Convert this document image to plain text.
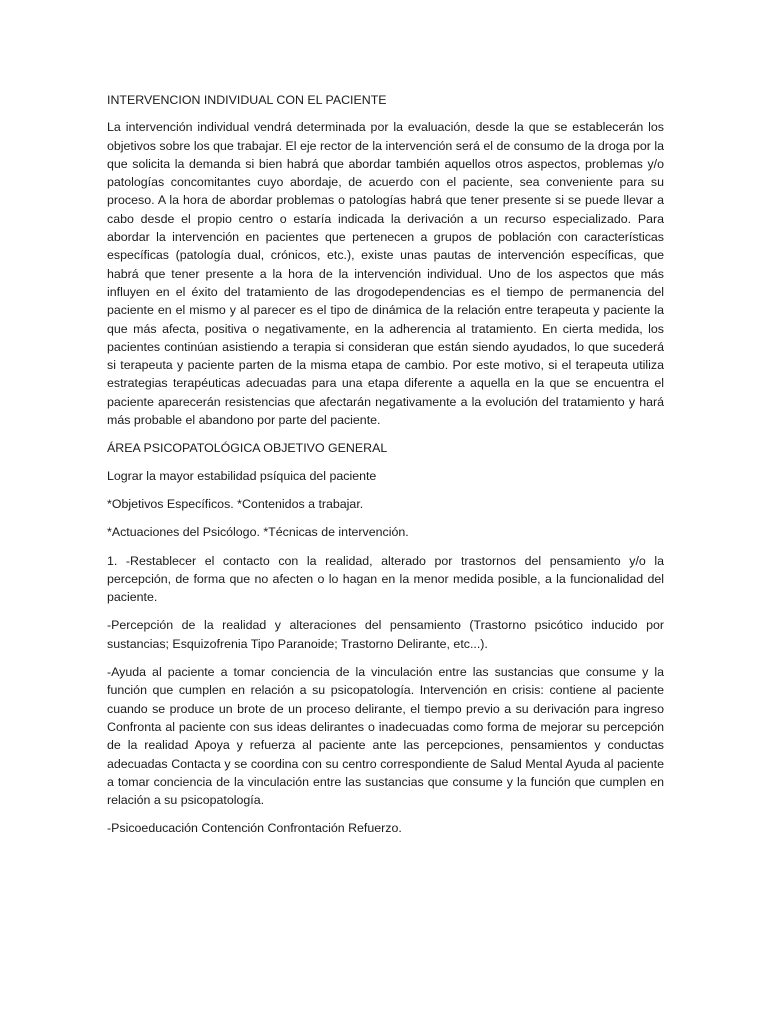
INTERVENCION INDIVIDUAL CON EL PACIENTE

La intervención individual vendrá determinada por la evaluación, desde la que se establecerán los objetivos sobre los que trabajar. El eje rector de la intervención será el de consumo de la droga por la que solicita la demanda si bien habrá que abordar también aquellos otros aspectos, problemas y/o patologías concomitantes cuyo abordaje, de acuerdo con el paciente, sea conveniente para su proceso. A la hora de abordar problemas o patologías habrá que tener presente si se puede llevar a cabo desde el propio centro o estaría indicada la derivación a un recurso especializado. Para abordar la intervención en pacientes que pertenecen a grupos de población con características específicas (patología dual, crónicos, etc.), existe unas pautas de intervención específicas, que habrá que tener presente a la hora de la intervención individual. Uno de los aspectos que más influyen en el éxito del tratamiento de las drogodependencias es el tiempo de permanencia del paciente en el mismo y al parecer es el tipo de dinámica de la relación entre terapeuta y paciente la que más afecta, positiva o negativamente, en la adherencia al tratamiento. En cierta medida, los pacientes continúan asistiendo a terapia si consideran que están siendo ayudados, lo que sucederá si terapeuta y paciente parten de la misma etapa de cambio. Por este motivo, si el terapeuta utiliza estrategias terapéuticas adecuadas para una etapa diferente a aquella en la que se encuentra el paciente aparecerán resistencias que afectarán negativamente a la evolución del tratamiento y hará más probable el abandono por parte del paciente.

ÁREA PSICOPATOLÓGICA OBJETIVO GENERAL

Lograr la mayor estabilidad psíquica del paciente

*Objetivos Específicos. *Contenidos a trabajar.

*Actuaciones del Psicólogo. *Técnicas de intervención.

1. -Restablecer el contacto con la realidad, alterado por trastornos del pensamiento y/o la percepción, de forma que no afecten o lo hagan en la menor medida posible, a la funcionalidad del paciente.

-Percepción de la realidad y alteraciones del pensamiento (Trastorno psicótico inducido por sustancias; Esquizofrenia Tipo Paranoide; Trastorno Delirante, etc...).

-Ayuda al paciente a tomar conciencia de la vinculación entre las sustancias que consume y la función que cumplen en relación a su psicopatología. Intervención en crisis: contiene al paciente cuando se produce un brote de un proceso delirante, el tiempo previo a su derivación para ingreso Confronta al paciente con sus ideas delirantes o inadecuadas como forma de mejorar su percepción de la realidad Apoya y refuerza al paciente ante las percepciones, pensamientos y conductas adecuadas Contacta y se coordina con su centro correspondiente de Salud Mental Ayuda al paciente a tomar conciencia de la vinculación entre las sustancias que consume y la función que cumplen en relación a su psicopatología.

-Psicoeducación Contención Confrontación Refuerzo.
